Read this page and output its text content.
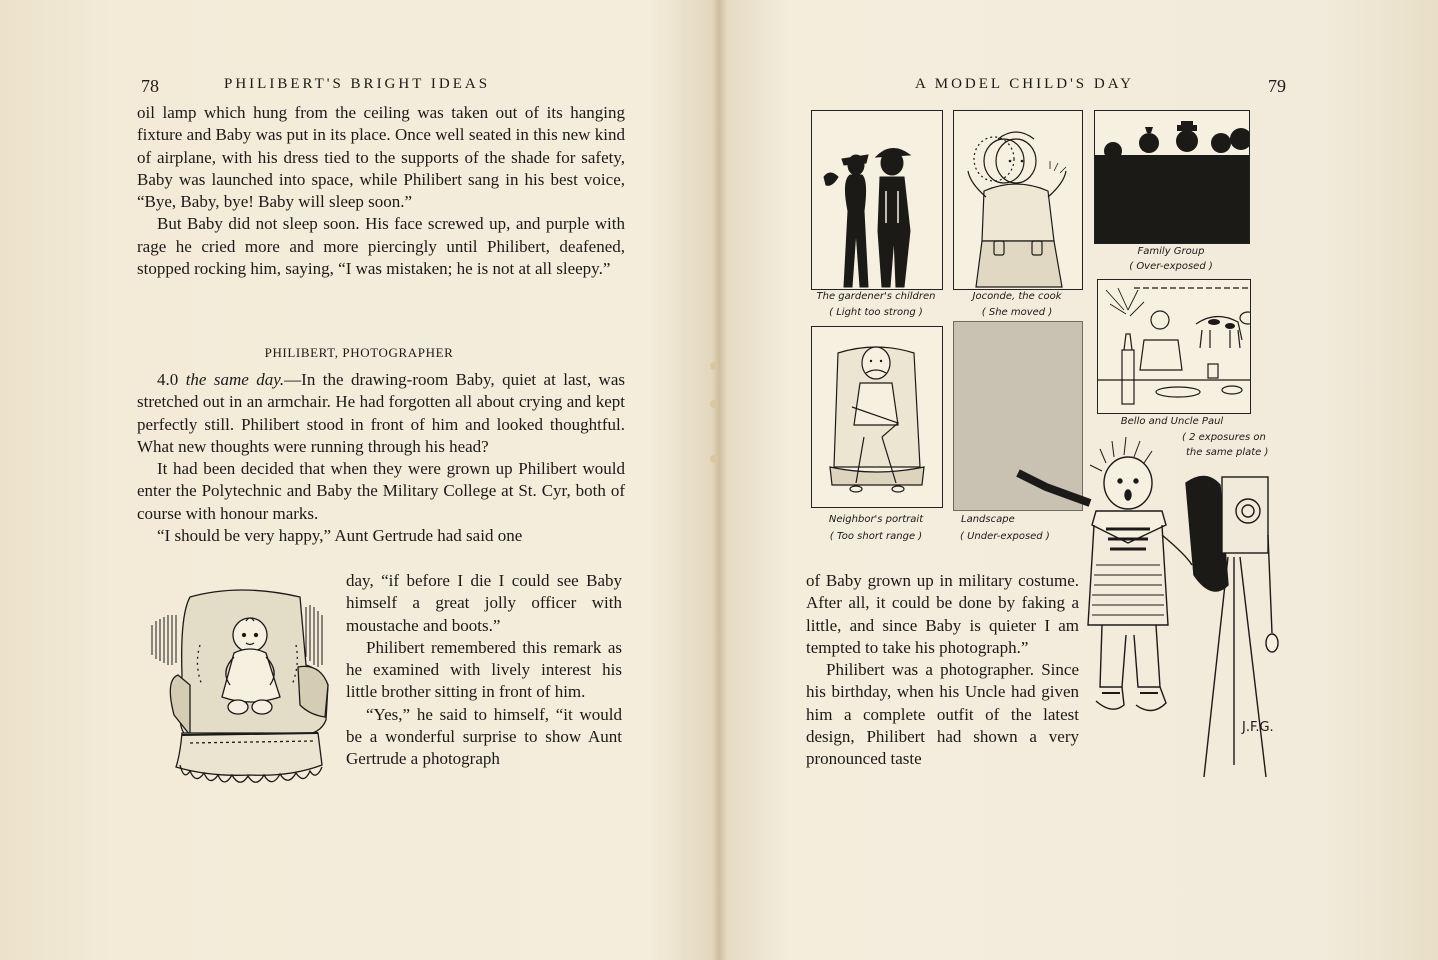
78	PHILIBERT'S BRIGHT IDEAS

oil lamp which hung from the ceiling was taken out of its hanging fixture and Baby was put in its place. Once well seated in this new kind of airplane, with his dress tied to the supports of the shade for safety, Baby was launched into space, while Philibert sang in his best voice, “Bye, Baby, bye! Baby will sleep soon.”

But Baby did not sleep soon. His face screwed up, and purple with rage he cried more and more piercingly until Philibert, deafened, stopped rocking him, saying, “I was mistaken; he is not at all sleepy.”

PHILIBERT, PHOTOGRAPHER

4.0 the same day.—In the drawing-room Baby, quiet at last, was stretched out in an armchair. He had forgotten all about crying and kept perfectly still. Philibert stood in front of him and looked thoughtful. What new thoughts were running through his head?

It had been decided that when they were grown up Philibert would enter the Polytechnic and Baby the Military College at St. Cyr, both of course with honour marks.

“I should be very happy,” Aunt Gertrude had said one

day, “if before I die I could see Baby himself a great jolly officer with moustache and boots.”

Philibert remembered this remark as he examined with lively interest his little brother sitting in front of him.

“Yes,” he said to himself, “it would be a wonderful surprise to show Aunt Gertrude a photograph

A MODEL CHILD'S DAY	79
The gardener's children
( Light too strong )
Joconde, the cook
( She moved )
Family Group
( Over-exposed )
Bello and Uncle Paul
( 2 exposures on
the same plate )
Neighbor's portrait
( Too short range )
Landscape
( Under-exposed )
J.F.G.

of Baby grown up in military costume. After all, it could be done by faking a little, and since Baby is quieter I am tempted to take his photograph.”

Philibert was a photographer. Since his birthday, when his Uncle had given him a complete outfit of the latest design, Philibert had shown a very pronounced taste
